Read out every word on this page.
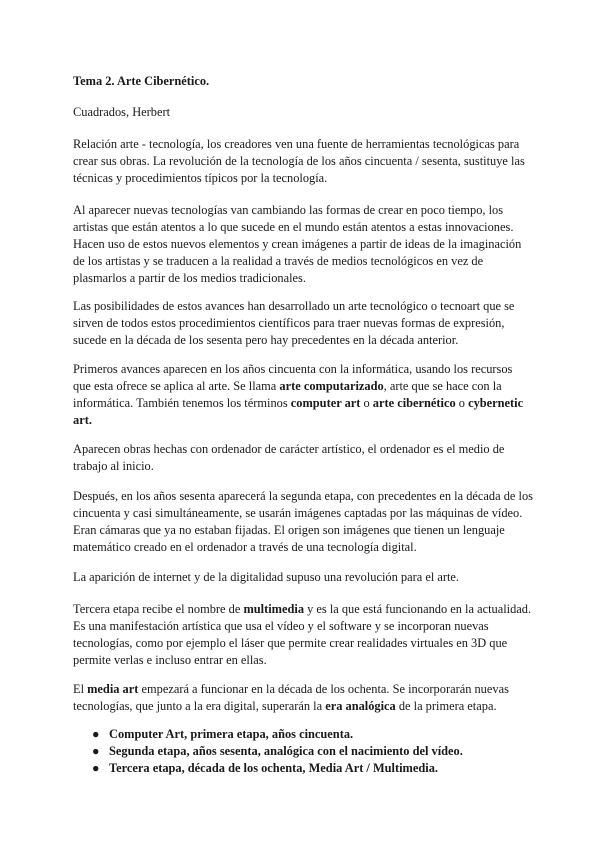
Tema 2. Arte Cibernético.

Cuadrados, Herbert

Relación arte - tecnología, los creadores ven una fuente de herramientas tecnológicas para crear sus obras. La revolución de la tecnología de los años cincuenta / sesenta, sustituye las técnicas y procedimientos típicos por la tecnología.

Al aparecer nuevas tecnologías van cambiando las formas de crear en poco tiempo, los artistas que están atentos a lo que sucede en el mundo están atentos a estas innovaciones. Hacen uso de estos nuevos elementos y crean imágenes a partir de ideas de la imaginación de los artistas y se traducen a la realidad a través de medios tecnológicos en vez de plasmarlos a partir de los medios tradicionales.

Las posibilidades de estos avances han desarrollado un arte tecnológico o tecnoart que se sirven de todos estos procedimientos científicos para traer nuevas formas de expresión, sucede en la década de los sesenta pero hay precedentes en la década anterior.

Primeros avances aparecen en los años cincuenta con la informática, usando los recursos que esta ofrece se aplica al arte. Se llama arte computarizado, arte que se hace con la informática. También tenemos los términos computer art o arte cibernético o cybernetic art.

Aparecen obras hechas con ordenador de carácter artístico, el ordenador es el medio de trabajo al inicio.

Después, en los años sesenta aparecerá la segunda etapa, con precedentes en la década de los cincuenta y casi simultáneamente, se usarán imágenes captadas por las máquinas de vídeo. Eran cámaras que ya no estaban fijadas. El origen son imágenes que tienen un lenguaje matemático creado en el ordenador a través de una tecnología digital.

La aparición de internet y de la digitalidad supuso una revolución para el arte.

Tercera etapa recibe el nombre de multimedia y es la que está funcionando en la actualidad. Es una manifestación artística que usa el vídeo y el software y se incorporan nuevas tecnologías, como por ejemplo el láser que permite crear realidades virtuales en 3D que permite verlas e incluso entrar en ellas.

El media art empezará a funcionar en la década de los ochenta. Se incorporarán nuevas tecnologías, que junto a la era digital, superarán la era analógica de la primera etapa.

● Computer Art, primera etapa, años cincuenta.
● Segunda etapa, años sesenta, analógica con el nacimiento del vídeo.
● Tercera etapa, década de los ochenta, Media Art / Multimedia.
